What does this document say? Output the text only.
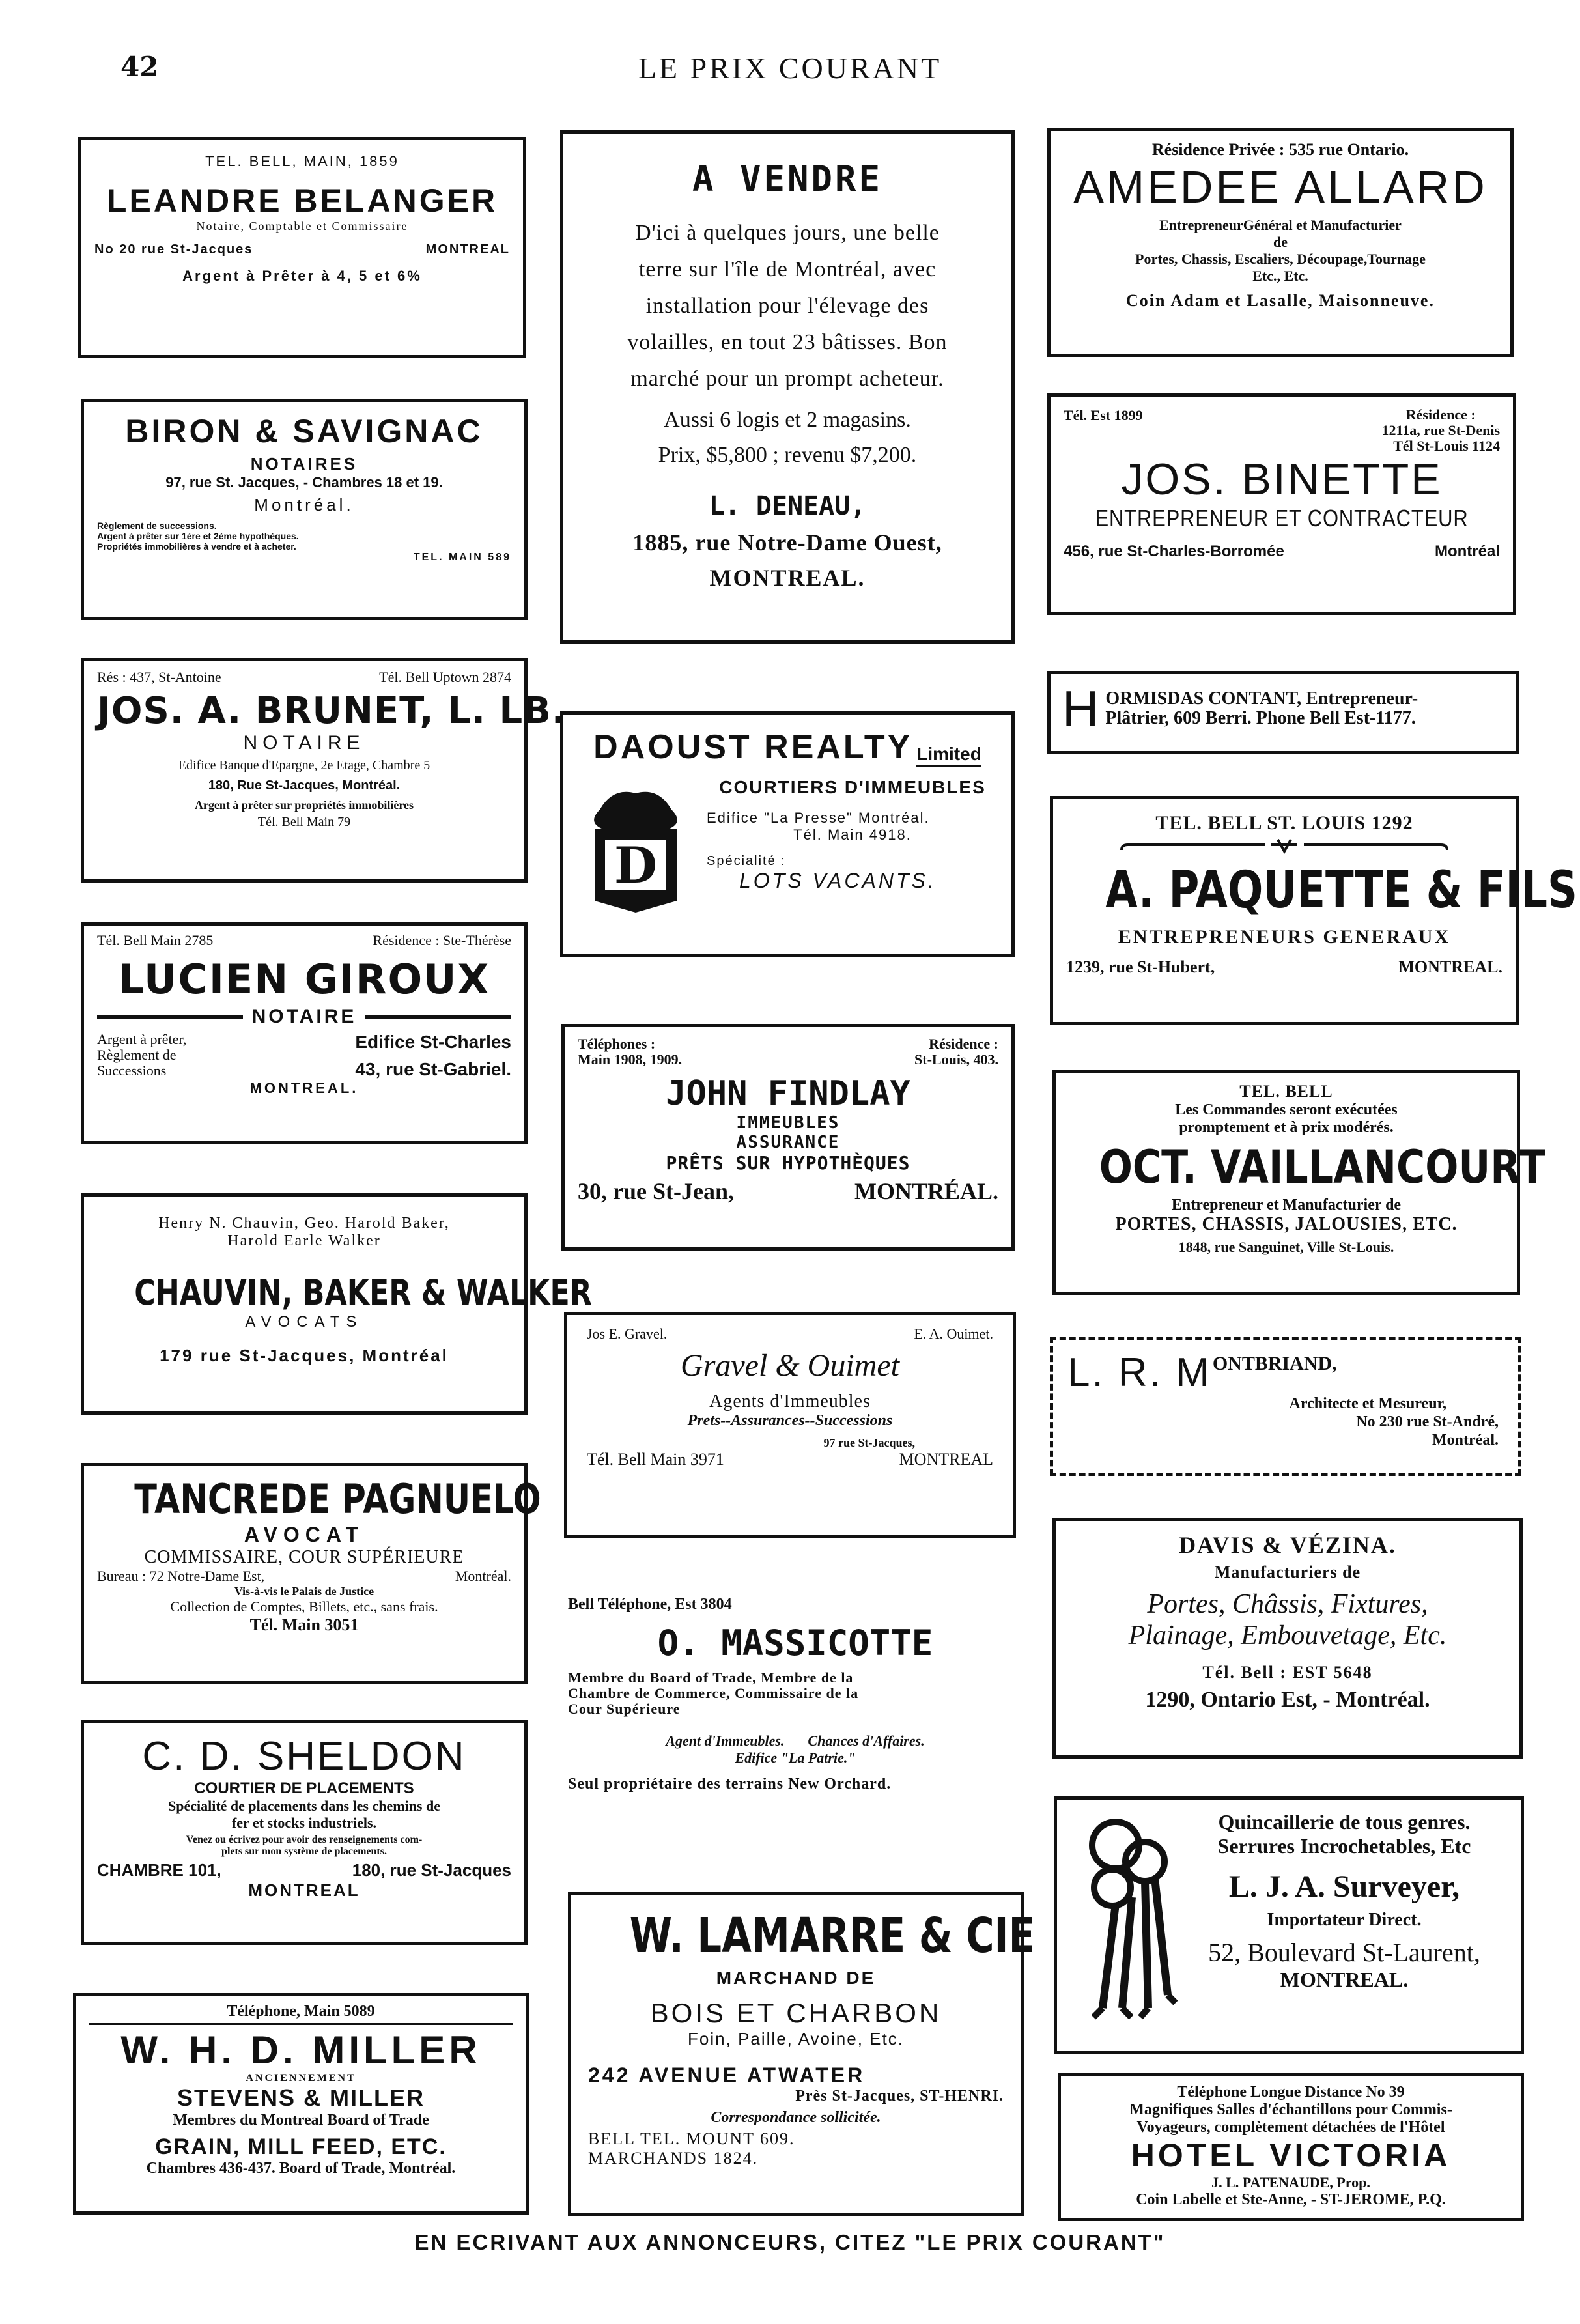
42	LE PRIX COURANT
TEL. BELL, MAIN, 1859
LEANDRE BELANGER
Notaire, Comptable et Commissaire
No 20 rue St-Jacques	MONTREAL
Argent à Prêter à 4, 5 et 6%
BIRON & SAVIGNAC
NOTAIRES
97, rue St. Jacques, - Chambres 18 et 19.
Montréal.
Règlement de successions.
Argent à prêter sur 1ère et 2ème hypothèques.
Propriétés immobilières à vendre et à acheter.
TEL. MAIN 589
Rés : 437, St-Antoine	Tél. Bell Uptown 2874
JOS. A. BRUNET, L. LB.
NOTAIRE
Edifice Banque d'Epargne, 2e Etage, Chambre 5
180, Rue St-Jacques, Montréal.
Argent à prêter sur propriétés immobilières
Tél. Bell Main 79
Tél. Bell Main 2785	Résidence : Ste-Thérèse
LUCIEN GIROUX
NOTAIRE
Argent à prêter,
Règlement de
Successions
Edifice St-Charles
43, rue St-Gabriel.
MONTREAL.
Henry N. Chauvin, Geo. Harold Baker,
Harold Earle Walker
CHAUVIN, BAKER & WALKER
AVOCATS
179 rue St-Jacques, Montréal
TANCREDE PAGNUELO
AVOCAT
COMMISSAIRE, COUR SUPÉRIEURE
Bureau : 72 Notre-Dame Est,	Montréal.
Vis-à-vis le Palais de Justice
Collection de Comptes, Billets, etc., sans frais.
Tél. Main 3051
C. D. SHELDON
COURTIER DE PLACEMENTS
Spécialité de placements dans les chemins de
fer et stocks industriels.
Venez ou écrivez pour avoir des renseignements com-
plets sur mon système de placements.
CHAMBRE 101,	180, rue St-Jacques
MONTREAL
Téléphone, Main 5089
W. H. D. MILLER
ANCIENNEMENT
STEVENS & MILLER
Membres du Montreal Board of Trade
GRAIN, MILL FEED, ETC.
Chambres 436-437. Board of Trade, Montréal.
A VENDRE
D'ici à quelques jours, une belle
terre sur l'île de Montréal, avec
installation pour l'élevage des
volailles, en tout 23 bâtisses. Bon
marché pour un prompt acheteur.
Aussi 6 logis et 2 magasins.
Prix, $5,800 ; revenu $7,200.
L. DENEAU,
1885, rue Notre-Dame Ouest,
MONTREAL.
DAOUST REALTY Limited
D
COURTIERS D'IMMEUBLES
Edifice "La Presse" Montréal.
Tél. Main 4918.
Spécialité :
LOTS VACANTS.
Téléphones :
Main 1908, 1909.
Résidence :
St-Louis, 403.
JOHN FINDLAY
IMMEUBLES
ASSURANCE
PRÊTS SUR HYPOTHÈQUES
30, rue St-Jean,	MONTRÉAL.
Jos E. Gravel.	E. A. Ouimet.
Gravel & Ouimet
Agents d'Immeubles
Prets--Assurances--Successions
97 rue St-Jacques,
Tél. Bell Main 3971	MONTREAL
Bell Téléphone, Est 3804
O. MASSICOTTE
Membre du Board of Trade, Membre de la
Chambre de Commerce, Commissaire de la
Cour Supérieure
Agent d'Immeubles. Chances d'Affaires.
Edifice "La Patrie."
Seul propriétaire des terrains New Orchard.
W. LAMARRE & CIE
MARCHAND DE
BOIS ET CHARBON
Foin, Paille, Avoine, Etc.
242 AVENUE ATWATER
Près St-Jacques, ST-HENRI.
Correspondance sollicitée.
BELL TEL. MOUNT 609.
MARCHANDS 1824.
Résidence Privée : 535 rue Ontario.
AMEDEE ALLARD
EntrepreneurGénéral et Manufacturier
de
Portes, Chassis, Escaliers, Découpage,Tournage
Etc., Etc.
Coin Adam et Lasalle, Maisonneuve.
Tél. Est 1899	Résidence :
1211a, rue St-Denis
Tél St-Louis 1124
JOS. BINETTE
ENTREPRENEUR ET CONTRACTEUR
456, rue St-Charles-Borromée	Montréal
H ORMISDAS CONTANT, Entrepreneur-
Plâtrier, 609 Berri. Phone Bell Est-1177.
TEL. BELL ST. LOUIS 1292
A. PAQUETTE & FILS
ENTREPRENEURS GENERAUX
1239, rue St-Hubert,	MONTREAL.
TEL. BELL
Les Commandes seront exécutées
promptement et à prix modérés.
OCT. VAILLANCOURT
Entrepreneur et Manufacturier de
PORTES, CHASSIS, JALOUSIES, ETC.
1848, rue Sanguinet, Ville St-Louis.
L. R. M ONTBRIAND,
Architecte et Mesureur,
No 230 rue St-André,
Montréal.
DAVIS & VÉZINA.
Manufacturiers de
Portes, Châssis, Fixtures,
Plainage, Embouvetage, Etc.
Tél. Bell : EST 5648
1290, Ontario Est, - Montréal.
Quincaillerie de tous genres.
Serrures Incrochetables, Etc
L. J. A. Surveyer,
Importateur Direct.
52, Boulevard St-Laurent,
MONTREAL.
Téléphone Longue Distance No 39
Magnifiques Salles d'échantillons pour Commis-
Voyageurs, complètement détachées de l'Hôtel
HOTEL VICTORIA
J. L. PATENAUDE, Prop.
Coin Labelle et Ste-Anne, - ST-JEROME, P.Q.
EN ECRIVANT AUX ANNONCEURS, CITEZ "LE PRIX COURANT"
